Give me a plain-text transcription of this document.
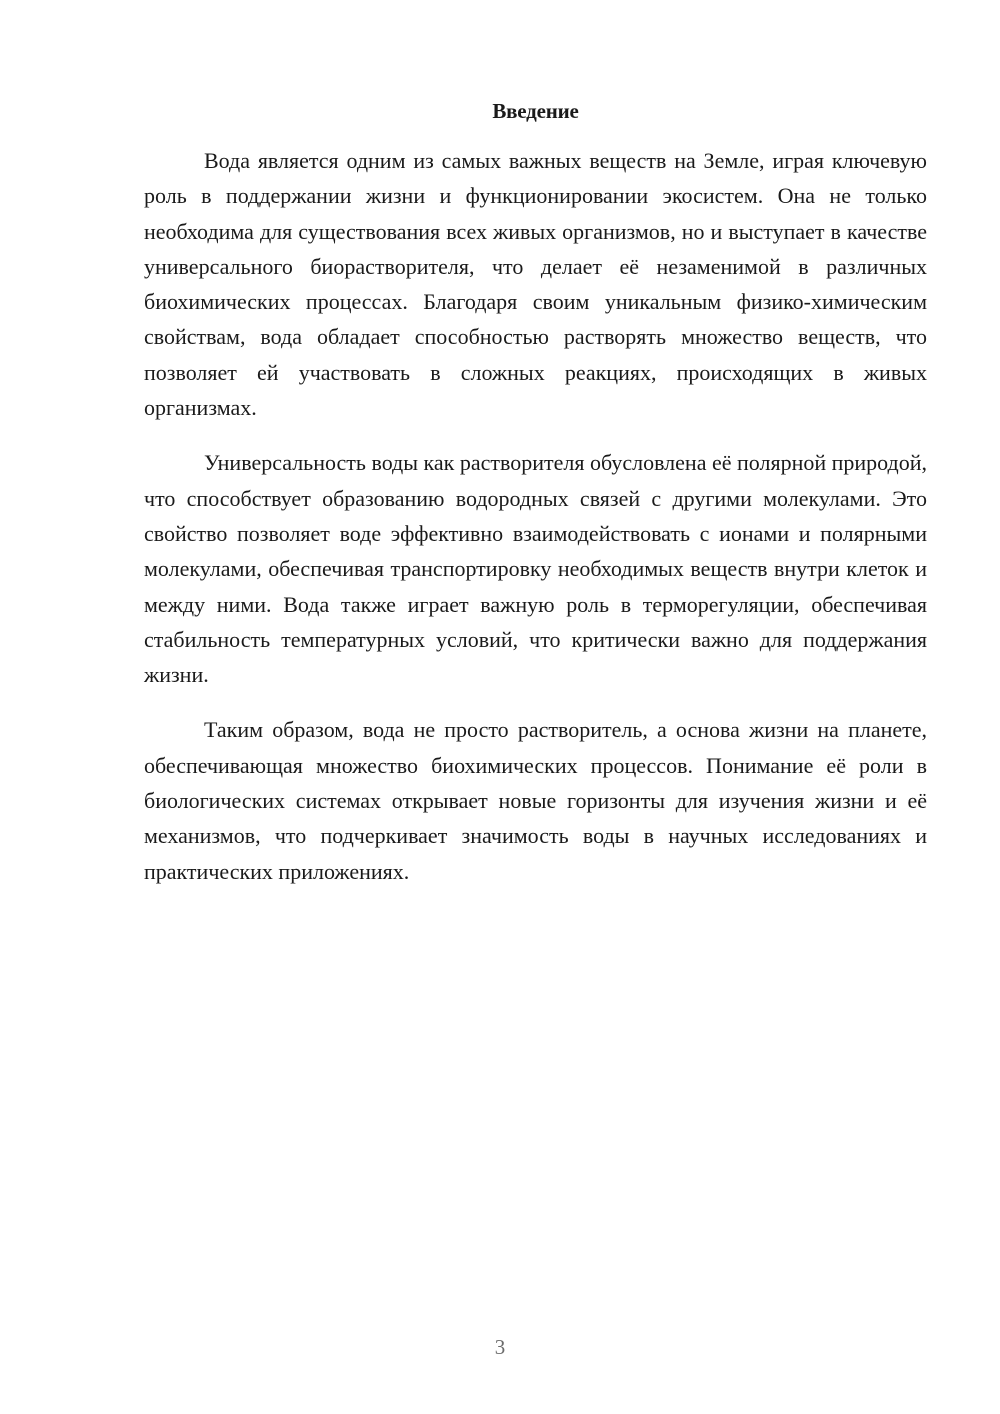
Введение

Вода является одним из самых важных веществ на Земле, играя ключевую роль в поддержании жизни и функционировании экосистем. Она не только необходима для существования всех живых организмов, но и выступает в качестве универсального биорастворителя, что делает её незаменимой в различных биохимических процессах. Благодаря своим уникальным физико-химическим свойствам, вода обладает способностью растворять множество веществ, что позволяет ей участвовать в сложных реакциях, происходящих в живых организмах.

Универсальность воды как растворителя обусловлена её полярной природой, что способствует образованию водородных связей с другими молекулами. Это свойство позволяет воде эффективно взаимодействовать с ионами и полярными молекулами, обеспечивая транспортировку необходимых веществ внутри клеток и между ними. Вода также играет важную роль в терморегуляции, обеспечивая стабильность температурных условий, что критически важно для поддержания жизни.

Таким образом, вода не просто растворитель, а основа жизни на планете, обеспечивающая множество биохимических процессов. Понимание её роли в биологических системах открывает новые горизонты для изучения жизни и её механизмов, что подчеркивает значимость воды в научных исследованиях и практических приложениях.

3
